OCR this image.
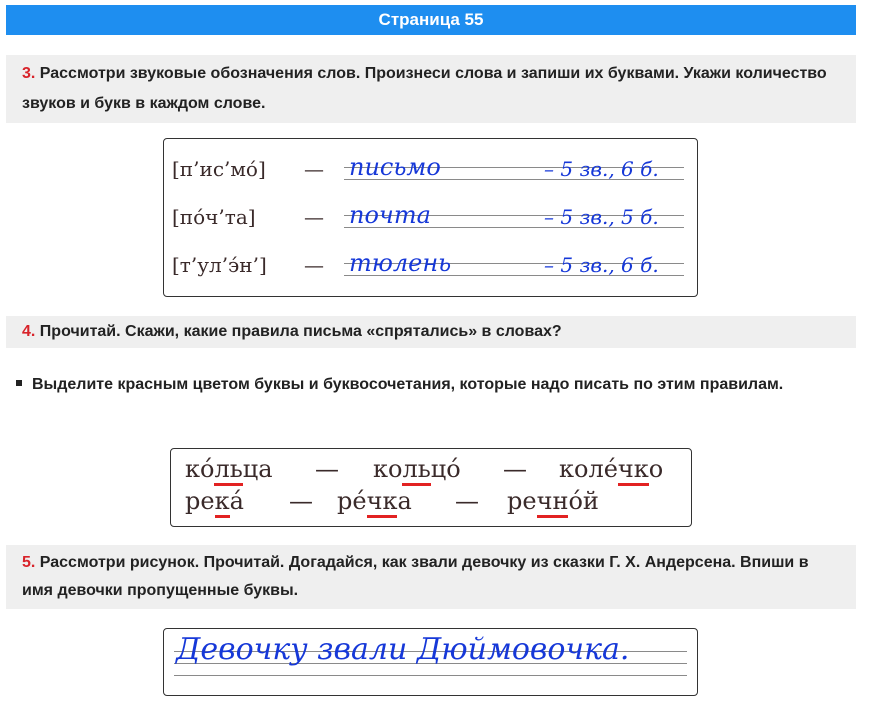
Страница 55
3. Рассмотри звуковые обозначения слов. Произнеси слова и запиши их буквами. Укажи количество звуков и букв в каждом слове.
[п’ис’мо́] — письмо	– 5 зв., 6 б.
[по́ч’та] — почта	– 5 зв., 5 б.
[т’ул’э́н’] — тюлень	– 5 зв., 6 б.
4. Прочитай. Скажи, какие правила письма «спрятались» в словах?
Выделите красным цветом буквы и буквосочетания, которые надо писать по этим правилам.
ко́льца — кольцо́ — коле́чко
река́ — ре́чка — речно́й
5. Рассмотри рисунок. Прочитай. Догадайся, как звали девочку из сказки Г. Х. Андерсена. Впиши в имя девочки пропущенные буквы.
Девочку звали Дюймовочка.
